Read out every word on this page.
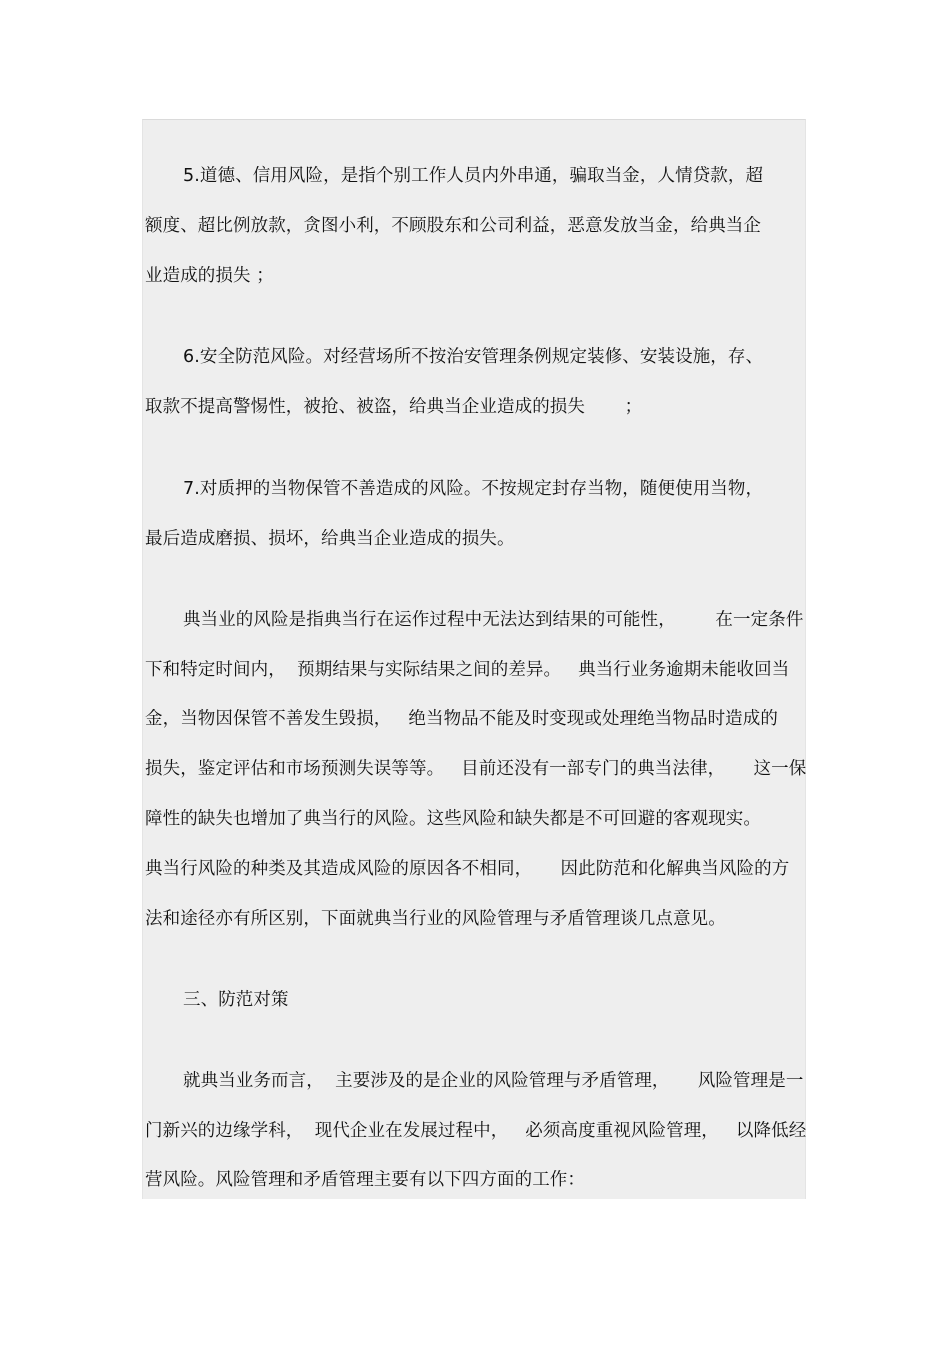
5.道德、信用风险，是指个别工作人员内外串通，骗取当金，人情贷款，超
额度、超比例放款，贪图小利，不顾股东和公司利益，恶意发放当金，给典当企
业造成的损失 ；
6.安全防范风险。对经营场所不按治安管理条例规定装修、安装设施，存、
取款不提高警惕性，被抢、被盗，给典当企业造成的损失       ；
7.对质押的当物保管不善造成的风险。不按规定封存当物，随便使用当物，
最后造成磨损、损坏，给典当企业造成的损失。
典当业的风险是指典当行在运作过程中无法达到结果的可能性，       在一定条件
下和特定时间内，  预期结果与实际结果之间的差异。   典当行业务逾期未能收回当
金，当物因保管不善发生毁损，   绝当物品不能及时变现或处理绝当物品时造成的
损失，鉴定评估和市场预测失误等等。   目前还没有一部专门的典当法律，     这一保
障性的缺失也增加了典当行的风险。这些风险和缺失都是不可回避的客观现实。
典当行风险的种类及其造成风险的原因各不相同，     因此防范和化解典当风险的方
法和途径亦有所区别，下面就典当行业的风险管理与矛盾管理谈几点意见。
三、防范对策
就典当业务而言，  主要涉及的是企业的风险管理与矛盾管理，     风险管理是一
门新兴的边缘学科，  现代企业在发展过程中，   必须高度重视风险管理，   以降低经
营风险。风险管理和矛盾管理主要有以下四方面的工作：
